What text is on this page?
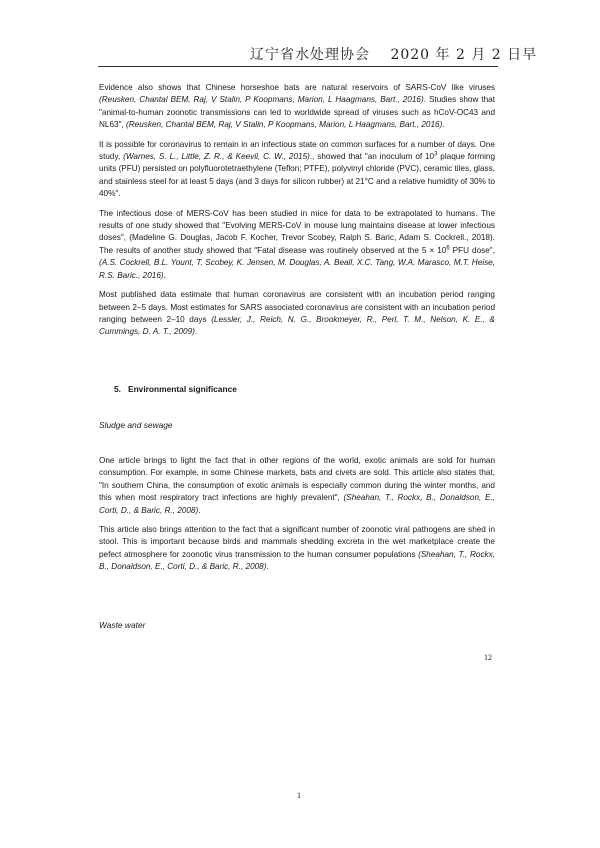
辽宁省水处理协会　 2020 年 2 月 2 日早

Evidence also shows that Chinese horseshoe bats are natural reservoirs of SARS-CoV like viruses (Reusken, Chantal BEM, Raj, V Stalin, P Koopmans, Marion, L Haagmans, Bart., 2016). Studies show that "animal-to-human zoonotic transmissions can led to worldwide spread of viruses such as hCoV-OC43 and NL63", (Reusken, Chantal BEM, Raj, V Stalin, P Koopmans, Marion, L Haagmans, Bart., 2016).

It is possible for coronavirus to remain in an infectious state on common surfaces for a number of days. One study, (Warnes, S. L., Little, Z. R., & Keevil, C. W., 2015)., showed that "an inoculum of $10^3$ plaque forming units (PFU) persisted on polyfluorotetraethylene (Teflon; PTFE), polyvinyl chloride (PVC), ceramic tiles, glass, and stainless steel for at least 5 days (and 3 days for silicon rubber) at 21°C and a relative humidity of 30% to 40%".

The infectious dose of MERS-CoV has been studied in mice for data to be extrapolated to humans. The results of one study showed that "Evolving MERS-CoV in mouse lung maintains disease at lower infectious doses", (Madeline G. Douglas, Jacob F. Kocher, Trevor Scobey, Ralph S. Baric, Adam S. Cockrell., 2018). The results of another study showed that "Fatal disease was routinely observed at the $5 \times 10^6$ PFU dose", (A.S. Cockrell, B.L. Yount, T. Scobey, K. Jensen, M. Douglas, A. Beall, X.C. Tang, W.A. Marasco, M.T. Heise, R.S. Baric., 2016).

Most published data estimate that human coronavirus are consistent with an incubation period ranging between 2–5 days. Most estimates for SARS associated coronavirus are consistent with an incubation period ranging between 2–10 days (Lessler, J., Reich, N. G., Brookmeyer, R., Perl, T. M., Nelson, K. E., & Cummings, D. A. T., 2009).

5. Environmental significance
Sludge and sewage

One article brings to light the fact that in other regions of the world, exotic animals are sold for human consumption. For example, in some Chinese markets, bats and civets are sold. This article also states that, "In southern China, the consumption of exotic animals is especially common during the winter months, and this when most respiratory tract infections are highly prevalent", (Sheahan, T., Rockx, B., Donaldson, E., Corti, D., & Baric, R., 2008).

This article also brings attention to the fact that a significant number of zoonotic viral pathogens are shed in stool. This is important because birds and mammals shedding excreta in the wet marketplace create the pefect atmosphere for zoonotic virus transmission to the human consumer populations (Sheahan, T., Rockx, B., Donaldson, E., Corti, D., & Baric, R., 2008).

Waste water
12
1
